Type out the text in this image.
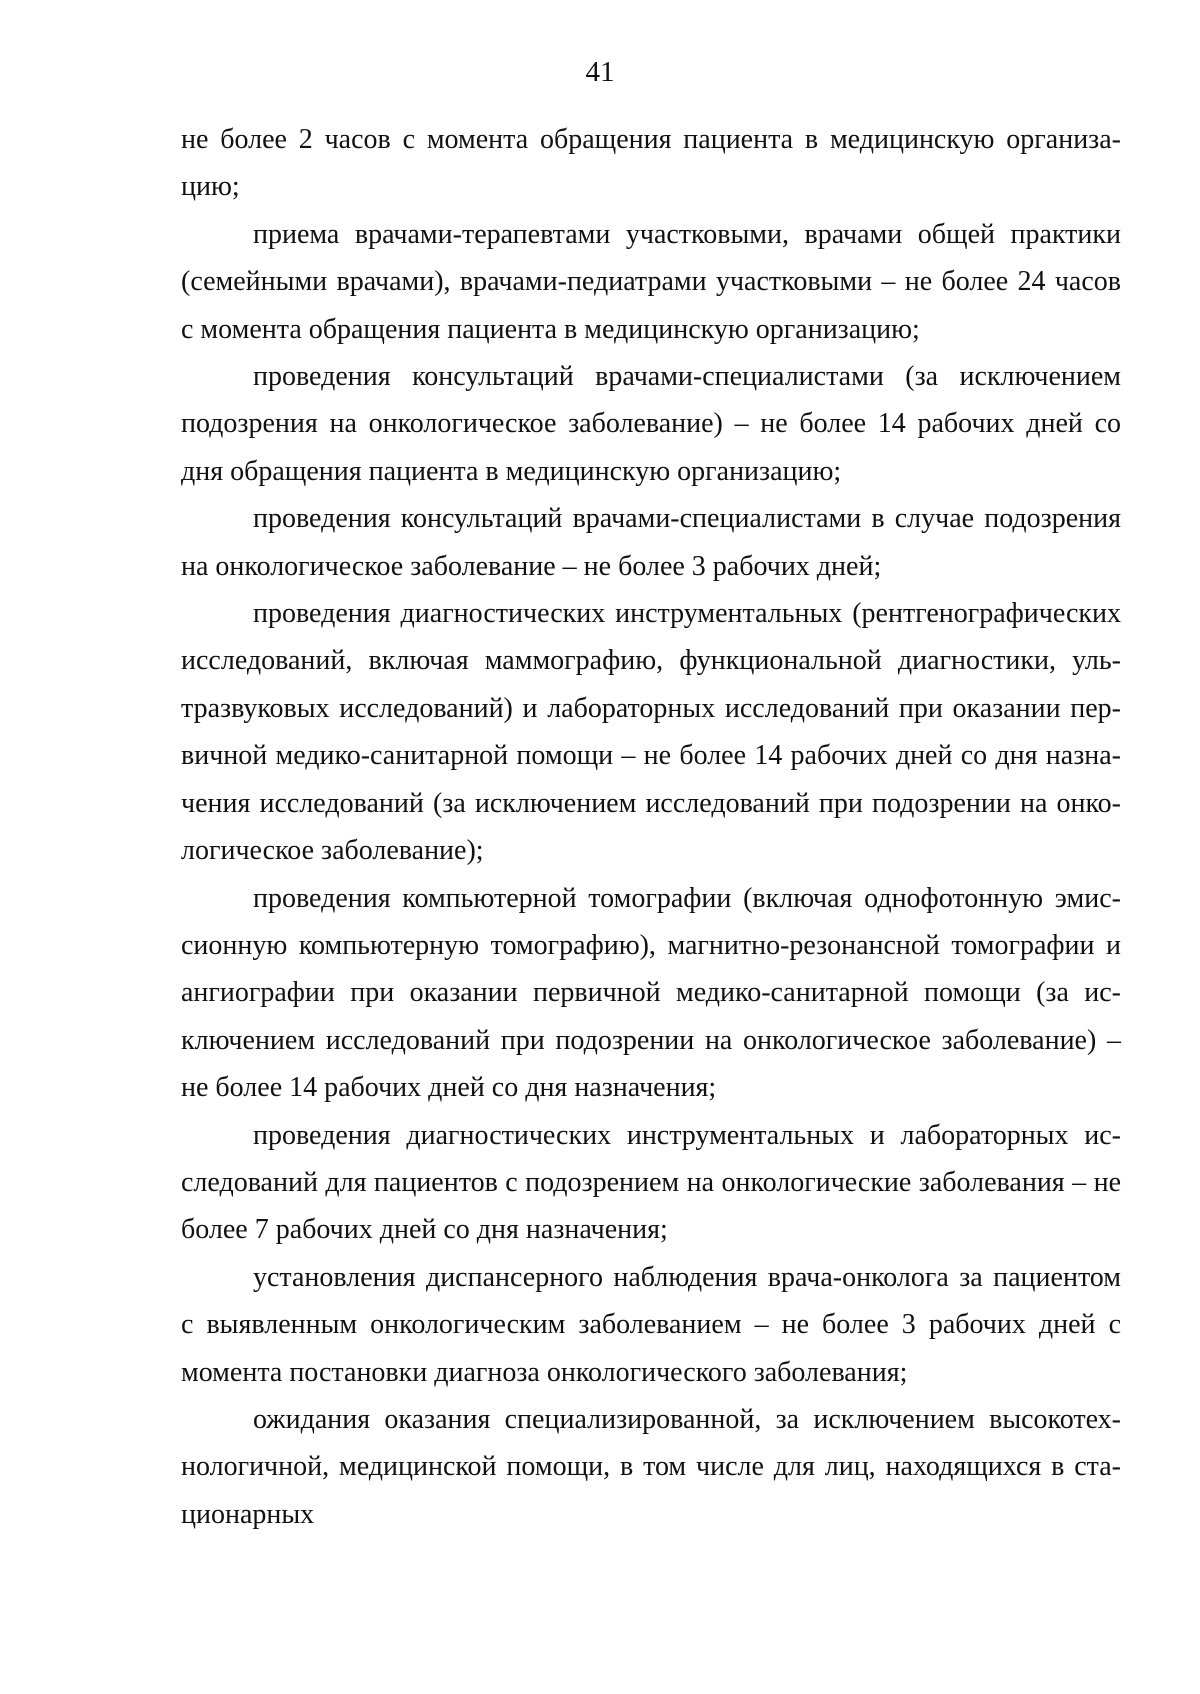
41

не более 2 часов с момента обращения пациента в медицинскую организацию;

приема врачами-терапевтами участковыми, врачами общей практики (семейными врачами), врачами-педиатрами участковыми – не более 24 часов с момента обращения пациента в медицинскую организацию;

проведения консультаций врачами-специалистами (за исключением подозрения на онкологическое заболевание) – не более 14 рабочих дней со дня обращения пациента в медицинскую организацию;

проведения консультаций врачами-специалистами в случае подозрения на онкологическое заболевание – не более 3 рабочих дней;

проведения диагностических инструментальных (рентгенографических исследований, включая маммографию, функциональной диагностики, ультразвуковых исследований) и лабораторных исследований при оказании первичной медико-санитарной помощи – не более 14 рабочих дней со дня назначения исследований (за исключением исследований при подозрении на онкологическое заболевание);

проведения компьютерной томографии (включая однофотонную эмиссионную компьютерную томографию), магнитно-резонансной томографии и ангиографии при оказании первичной медико-санитарной помощи (за исключением исследований при подозрении на онкологическое заболевание) – не более 14 рабочих дней со дня назначения;

проведения диагностических инструментальных и лабораторных исследований для пациентов с подозрением на онкологические заболевания – не более 7 рабочих дней со дня назначения;

установления диспансерного наблюдения врача-онколога за пациентом с выявленным онкологическим заболеванием – не более 3 рабочих дней с момента постановки диагноза онкологического заболевания;

ожидания оказания специализированной, за исключением высокотехнологичной, медицинской помощи, в том числе для лиц, находящихся в стационарных
